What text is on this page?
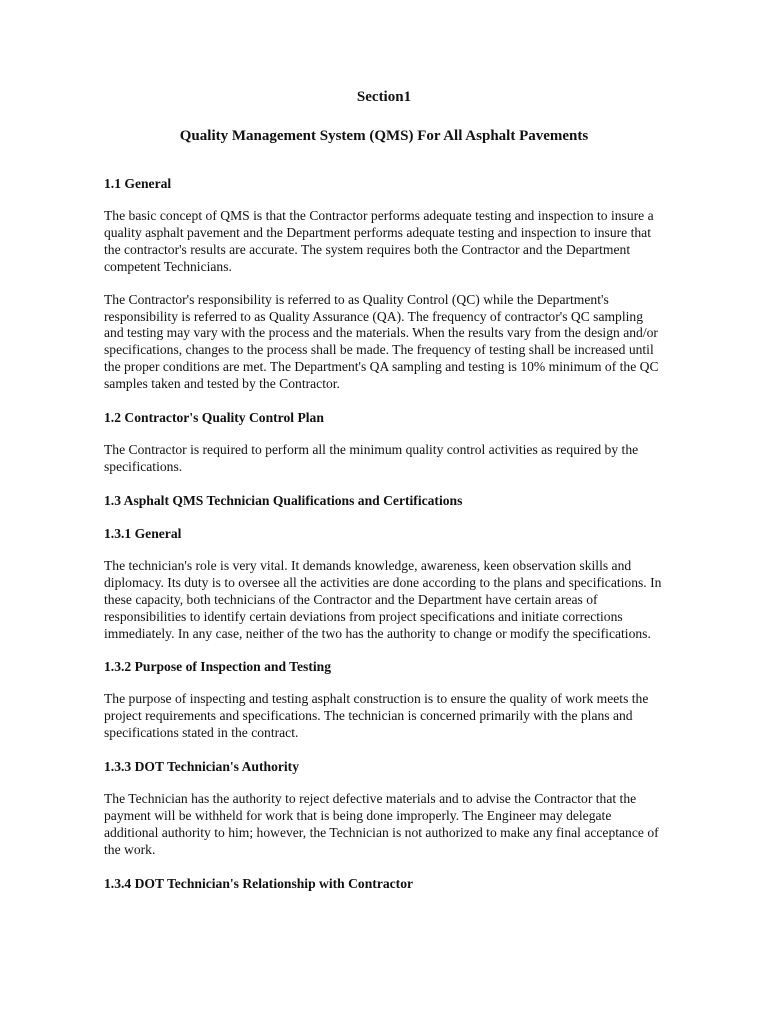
Section1

Quality Management System (QMS) For All Asphalt Pavements

1.1 General

The basic concept of QMS is that the Contractor performs adequate testing and inspection to insure a quality asphalt pavement and the Department performs adequate testing and inspection to insure that the contractor's results are accurate. The system requires both the Contractor and the Department competent Technicians.

The Contractor's responsibility is referred to as Quality Control (QC) while the Department's responsibility is referred to as Quality Assurance (QA). The frequency of contractor's QC sampling and testing may vary with the process and the materials. When the results vary from the design and/or specifications, changes to the process shall be made. The frequency of testing shall be increased until the proper conditions are met. The Department's QA sampling and testing is 10% minimum of the QC samples taken and tested by the Contractor.

1.2 Contractor's Quality Control Plan

The Contractor is required to perform all the minimum quality control activities as required by the specifications.

1.3 Asphalt QMS Technician Qualifications and Certifications
1.3.1 General

The technician's role is very vital. It demands knowledge, awareness, keen observation skills and diplomacy. Its duty is to oversee all the activities are done according to the plans and specifications. In these capacity, both technicians of the Contractor and the Department have certain areas of responsibilities to identify certain deviations from project specifications and initiate corrections immediately. In any case, neither of the two has the authority to change or modify the specifications.

1.3.2 Purpose of Inspection and Testing

The purpose of inspecting and testing asphalt construction is to ensure the quality of work meets the project requirements and specifications. The technician is concerned primarily with the plans and specifications stated in the contract.

1.3.3 DOT Technician's Authority

The Technician has the authority to reject defective materials and to advise the Contractor that the payment will be withheld for work that is being done improperly. The Engineer may delegate additional authority to him; however, the Technician is not authorized to make any final acceptance of the work.

1.3.4 DOT Technician's Relationship with Contractor
